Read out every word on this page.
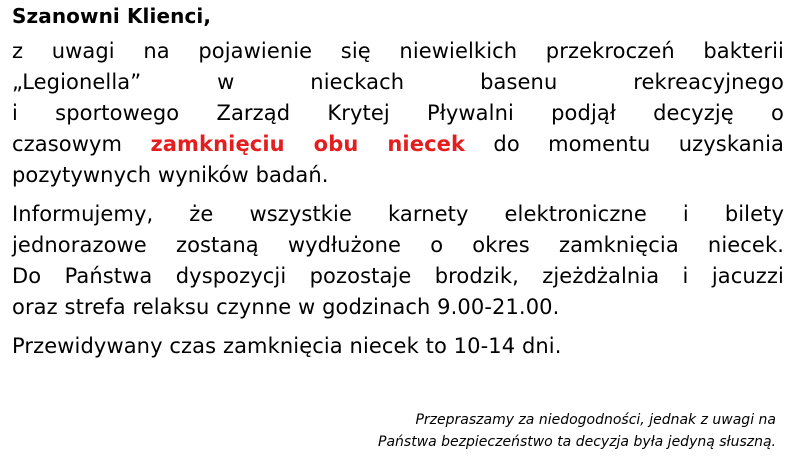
Szanowni Klienci,
z uwagi na pojawienie się niewielkich przekroczeń bakterii
„Legionella” w nieckach basenu rekreacyjnego
i sportowego Zarząd Krytej Pływalni podjął decyzję o
czasowym zamknięciu obu niecek do momentu uzyskania
pozytywnych wyników badań.
Informujemy, że wszystkie karnety elektroniczne i bilety
jednorazowe zostaną wydłużone o okres zamknięcia niecek.
Do Państwa dyspozycji pozostaje brodzik, zjeżdżalnia i jacuzzi
oraz strefa relaksu czynne w godzinach 9.00-21.00.
Przewidywany czas zamknięcia niecek to 10-14 dni.
Przepraszamy za niedogodności, jednak z uwagi na
Państwa bezpieczeństwo ta decyzja była jedyną słuszną.
